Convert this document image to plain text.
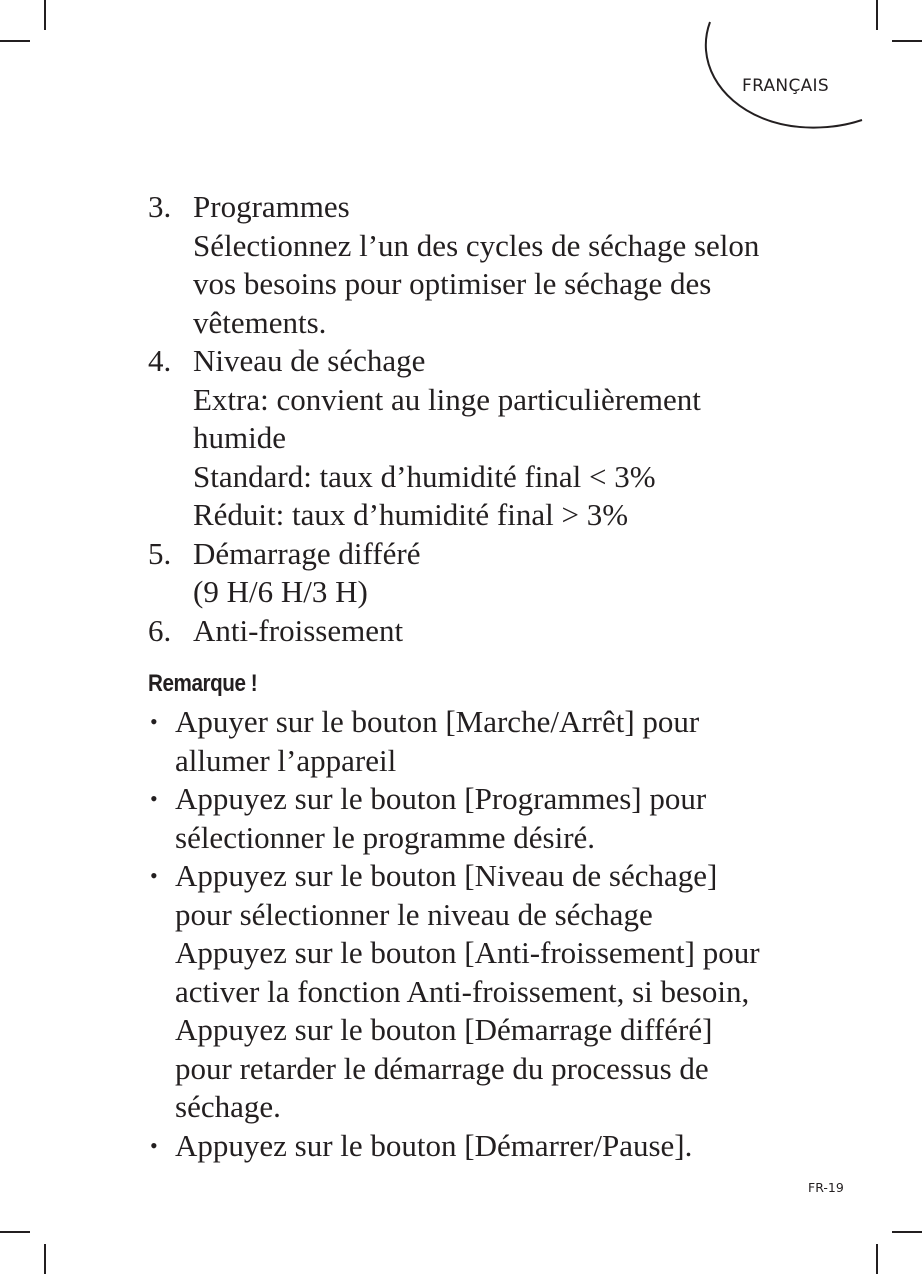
FRANÇAIS
3. Programmes
Sélectionnez l’un des cycles de séchage selon
vos besoins pour optimiser le séchage des
vêtements.
4. Niveau de séchage
Extra: convient au linge particulièrement
humide
Standard: taux d’humidité final < 3%
Réduit: taux d’humidité final > 3%
5. Démarrage différé
(9 H/6 H/3 H)
6. Anti-froissement
Remarque !
• Apuyer sur le bouton [Marche/Arrêt] pour
allumer l’appareil
• Appuyez sur le bouton [Programmes] pour
sélectionner le programme désiré.
• Appuyez sur le bouton [Niveau de séchage]
pour sélectionner le niveau de séchage
Appuyez sur le bouton [Anti-froissement] pour
activer la fonction Anti-froissement, si besoin,
Appuyez sur le bouton [Démarrage différé]
pour retarder le démarrage du processus de
séchage.
• Appuyez sur le bouton [Démarrer/Pause].
FR-19
